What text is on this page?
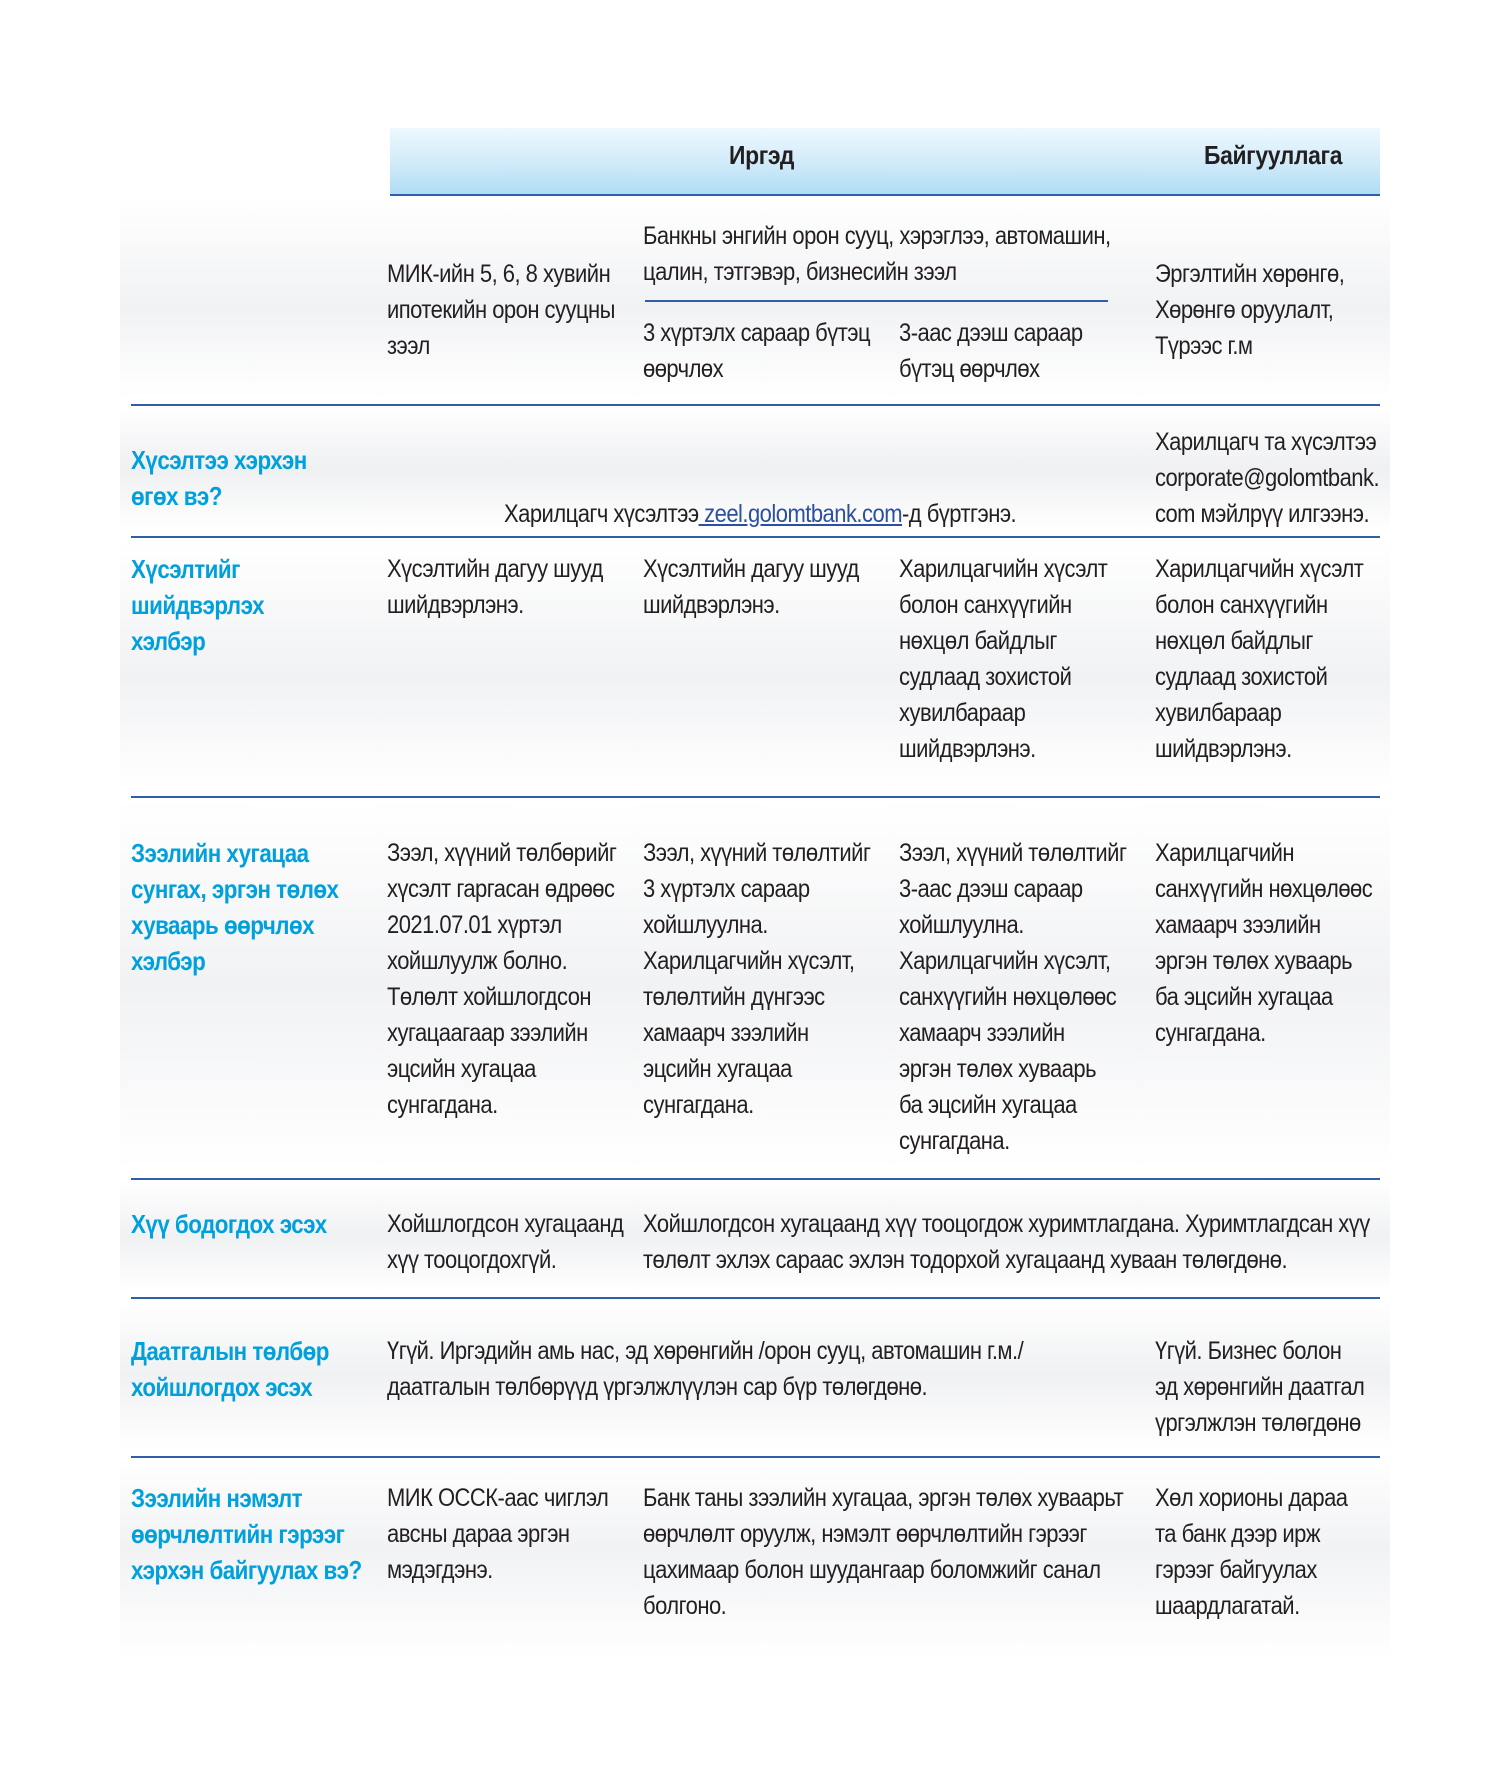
Иргэд	Байгууллага
МИК-ийн 5, 6, 8 хувийн
ипотекийн орон сууцны
зээл
Банкны энгийн орон сууц, хэрэглээ, автомашин,
цалин, тэтгэвэр, бизнесийн зээл
3 хүртэлх сараар бүтэц
өөрчлөх
3-аас дээш сараар
бүтэц өөрчлөх
Эргэлтийн хөрөнгө,
Хөрөнгө оруулалт,
Түрээс г.м
Хүсэлтээ хэрхэн
өгөх вэ?

Харилцагч хүсэлтээ zeel.golomtbank.com-д бүртгэнэ.

Харилцагч та хүсэлтээ
corporate@golomtbank.
com мэйлрүү илгээнэ.
Хүсэлтийг
шийдвэрлэх
хэлбэр
Хүсэлтийн дагуу шууд
шийдвэрлэнэ.
Хүсэлтийн дагуу шууд
шийдвэрлэнэ.
Харилцагчийн хүсэлт
болон санхүүгийн
нөхцөл байдлыг
судлаад зохистой
хувилбараар
шийдвэрлэнэ.
Харилцагчийн хүсэлт
болон санхүүгийн
нөхцөл байдлыг
судлаад зохистой
хувилбараар
шийдвэрлэнэ.
Зээлийн хугацаа
сунгах, эргэн төлөх
хуваарь өөрчлөх
хэлбэр
Зээл, хүүний төлбөрийг
хүсэлт гаргасан өдрөөс
2021.07.01 хүртэл
хойшлуулж болно.
Төлөлт хойшлогдсон
хугацаагаар зээлийн
эцсийн хугацаа
сунгагдана.
Зээл, хүүний төлөлтийг
3 хүртэлх сараар
хойшлуулна.
Харилцагчийн хүсэлт,
төлөлтийн дүнгээс
хамаарч зээлийн
эцсийн хугацаа
сунгагдана.
Зээл, хүүний төлөлтийг
3-аас дээш сараар
хойшлуулна.
Харилцагчийн хүсэлт,
санхүүгийн нөхцөлөөс
хамаарч зээлийн
эргэн төлөх хуваарь
ба эцсийн хугацаа
сунгагдана.
Харилцагчийн
санхүүгийн нөхцөлөөс
хамаарч зээлийн
эргэн төлөх хуваарь
ба эцсийн хугацаа
сунгагдана.
Хүү бодогдох эсэх Хойшлогдсон хугацаанд
хүү тооцогдохгүй.
Хойшлогдсон хугацаанд хүү тооцогдож хуримтлагдана. Хуримтлагдсан хүү
төлөлт эхлэх сараас эхлэн тодорхой хугацаанд хуваан төлөгдөнө.
Даатгалын төлбөр
хойшлогдох эсэх
Үгүй. Иргэдийн амь нас, эд хөрөнгийн /орон сууц, автомашин г.м./
даатгалын төлбөрүүд үргэлжлүүлэн сар бүр төлөгдөнө.
Үгүй. Бизнес болон
эд хөрөнгийн даатгал
үргэлжлэн төлөгдөнө
Зээлийн нэмэлт
өөрчлөлтийн гэрээг
хэрхэн байгуулах вэ?
МИК ОССК-аас чиглэл
авсны дараа эргэн
мэдэгдэнэ.
Банк таны зээлийн хугацаа, эргэн төлөх хуваарьт
өөрчлөлт оруулж, нэмэлт өөрчлөлтийн гэрээг
цахимаар болон шуудангаар боломжийг санал
болгоно.
Хөл хорионы дараа
та банк дээр ирж
гэрээг байгуулах
шаардлагатай.
